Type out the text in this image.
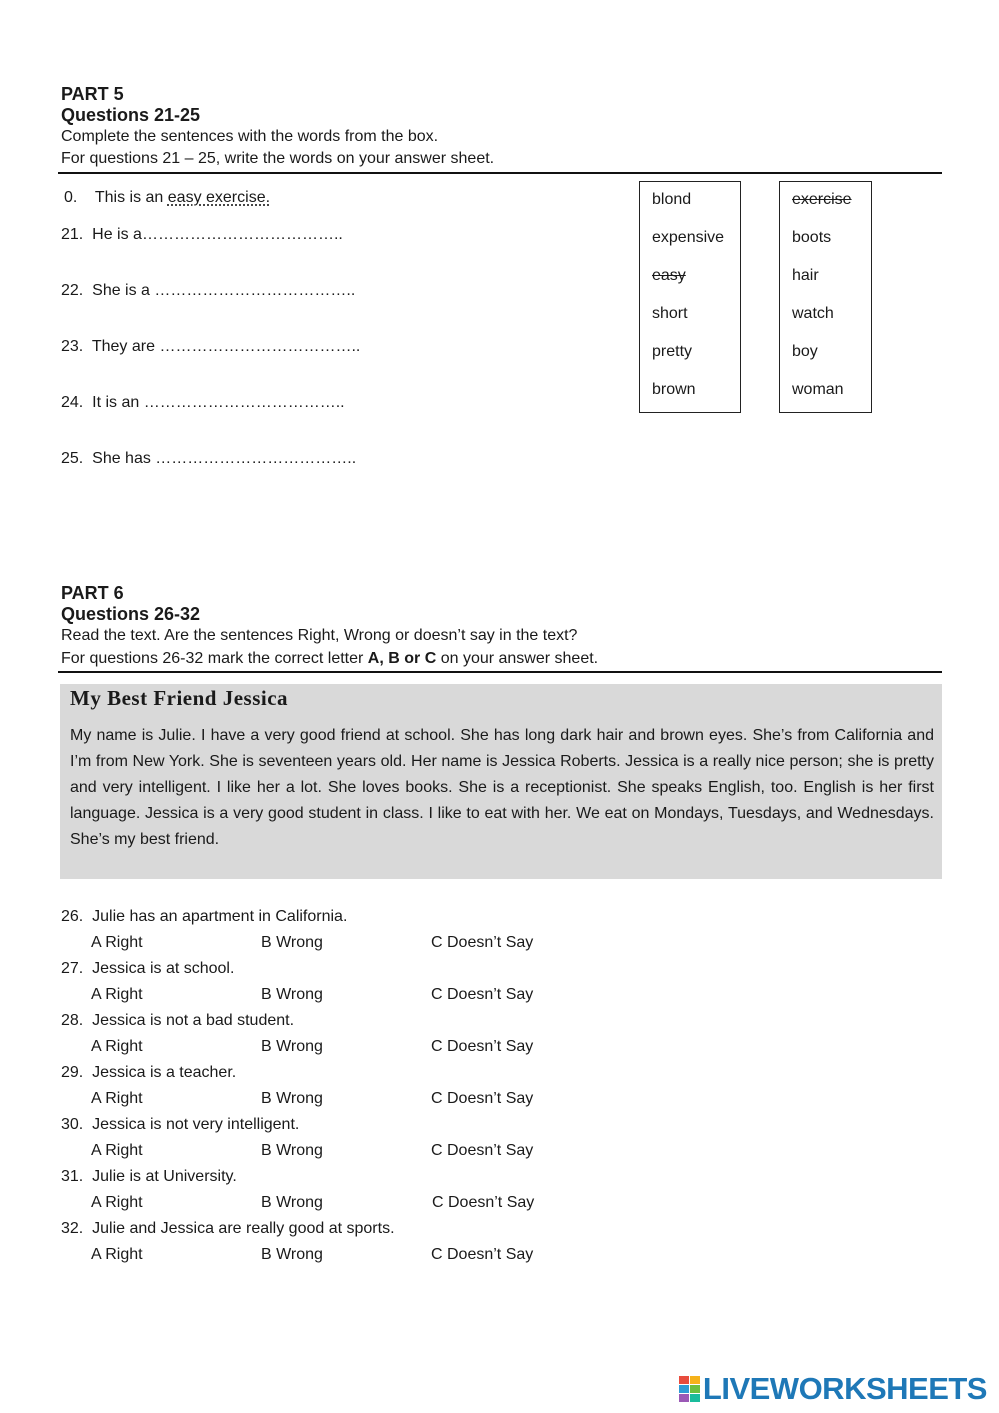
PART 5
Questions 21-25
Complete the sentences with the words from the box.
For questions 21 – 25, write the words on your answer sheet.
0. This is an easy exercise.
21. He is a………………………………..
22. She is a ………………………………..
23. They are ………………………………..
24. It is an ………………………………..
25. She has ………………………………..
blond
expensive
easy
short
pretty
brown
exercise
boots
hair
watch
boy
woman
PART 6
Questions 26-32
Read the text. Are the sentences Right, Wrong or doesn’t say in the text?
For questions 26-32 mark the correct letter A, B or C on your answer sheet.
My Best Friend Jessica
My name is Julie. I have a very good friend at school. She has long dark hair and brown eyes. She’s from California and I’m from New York. She is seventeen years old. Her name is Jessica Roberts. Jessica is a really nice person; she is pretty and very intelligent. I like her a lot. She loves books. She is a receptionist. She speaks English, too. English is her first language. Jessica is a very good student in class. I like to eat with her. We eat on Mondays, Tuesdays, and Wednesdays. She’s my best friend.
26. Julie has an apartment in California.
A Right	B Wrong	C Doesn’t Say
27. Jessica is at school.
A Right	B Wrong	C Doesn’t Say
28. Jessica is not a bad student.
A Right	B Wrong	C Doesn’t Say
29. Jessica is a teacher.
A Right	B Wrong	C Doesn’t Say
30. Jessica is not very intelligent.
A Right	B Wrong	C Doesn’t Say
31. Julie is at University.
A Right	B Wrong	C Doesn’t Say
32. Julie and Jessica are really good at sports.
A Right	B Wrong	C Doesn’t Say
LIVEWORKSHEETS
